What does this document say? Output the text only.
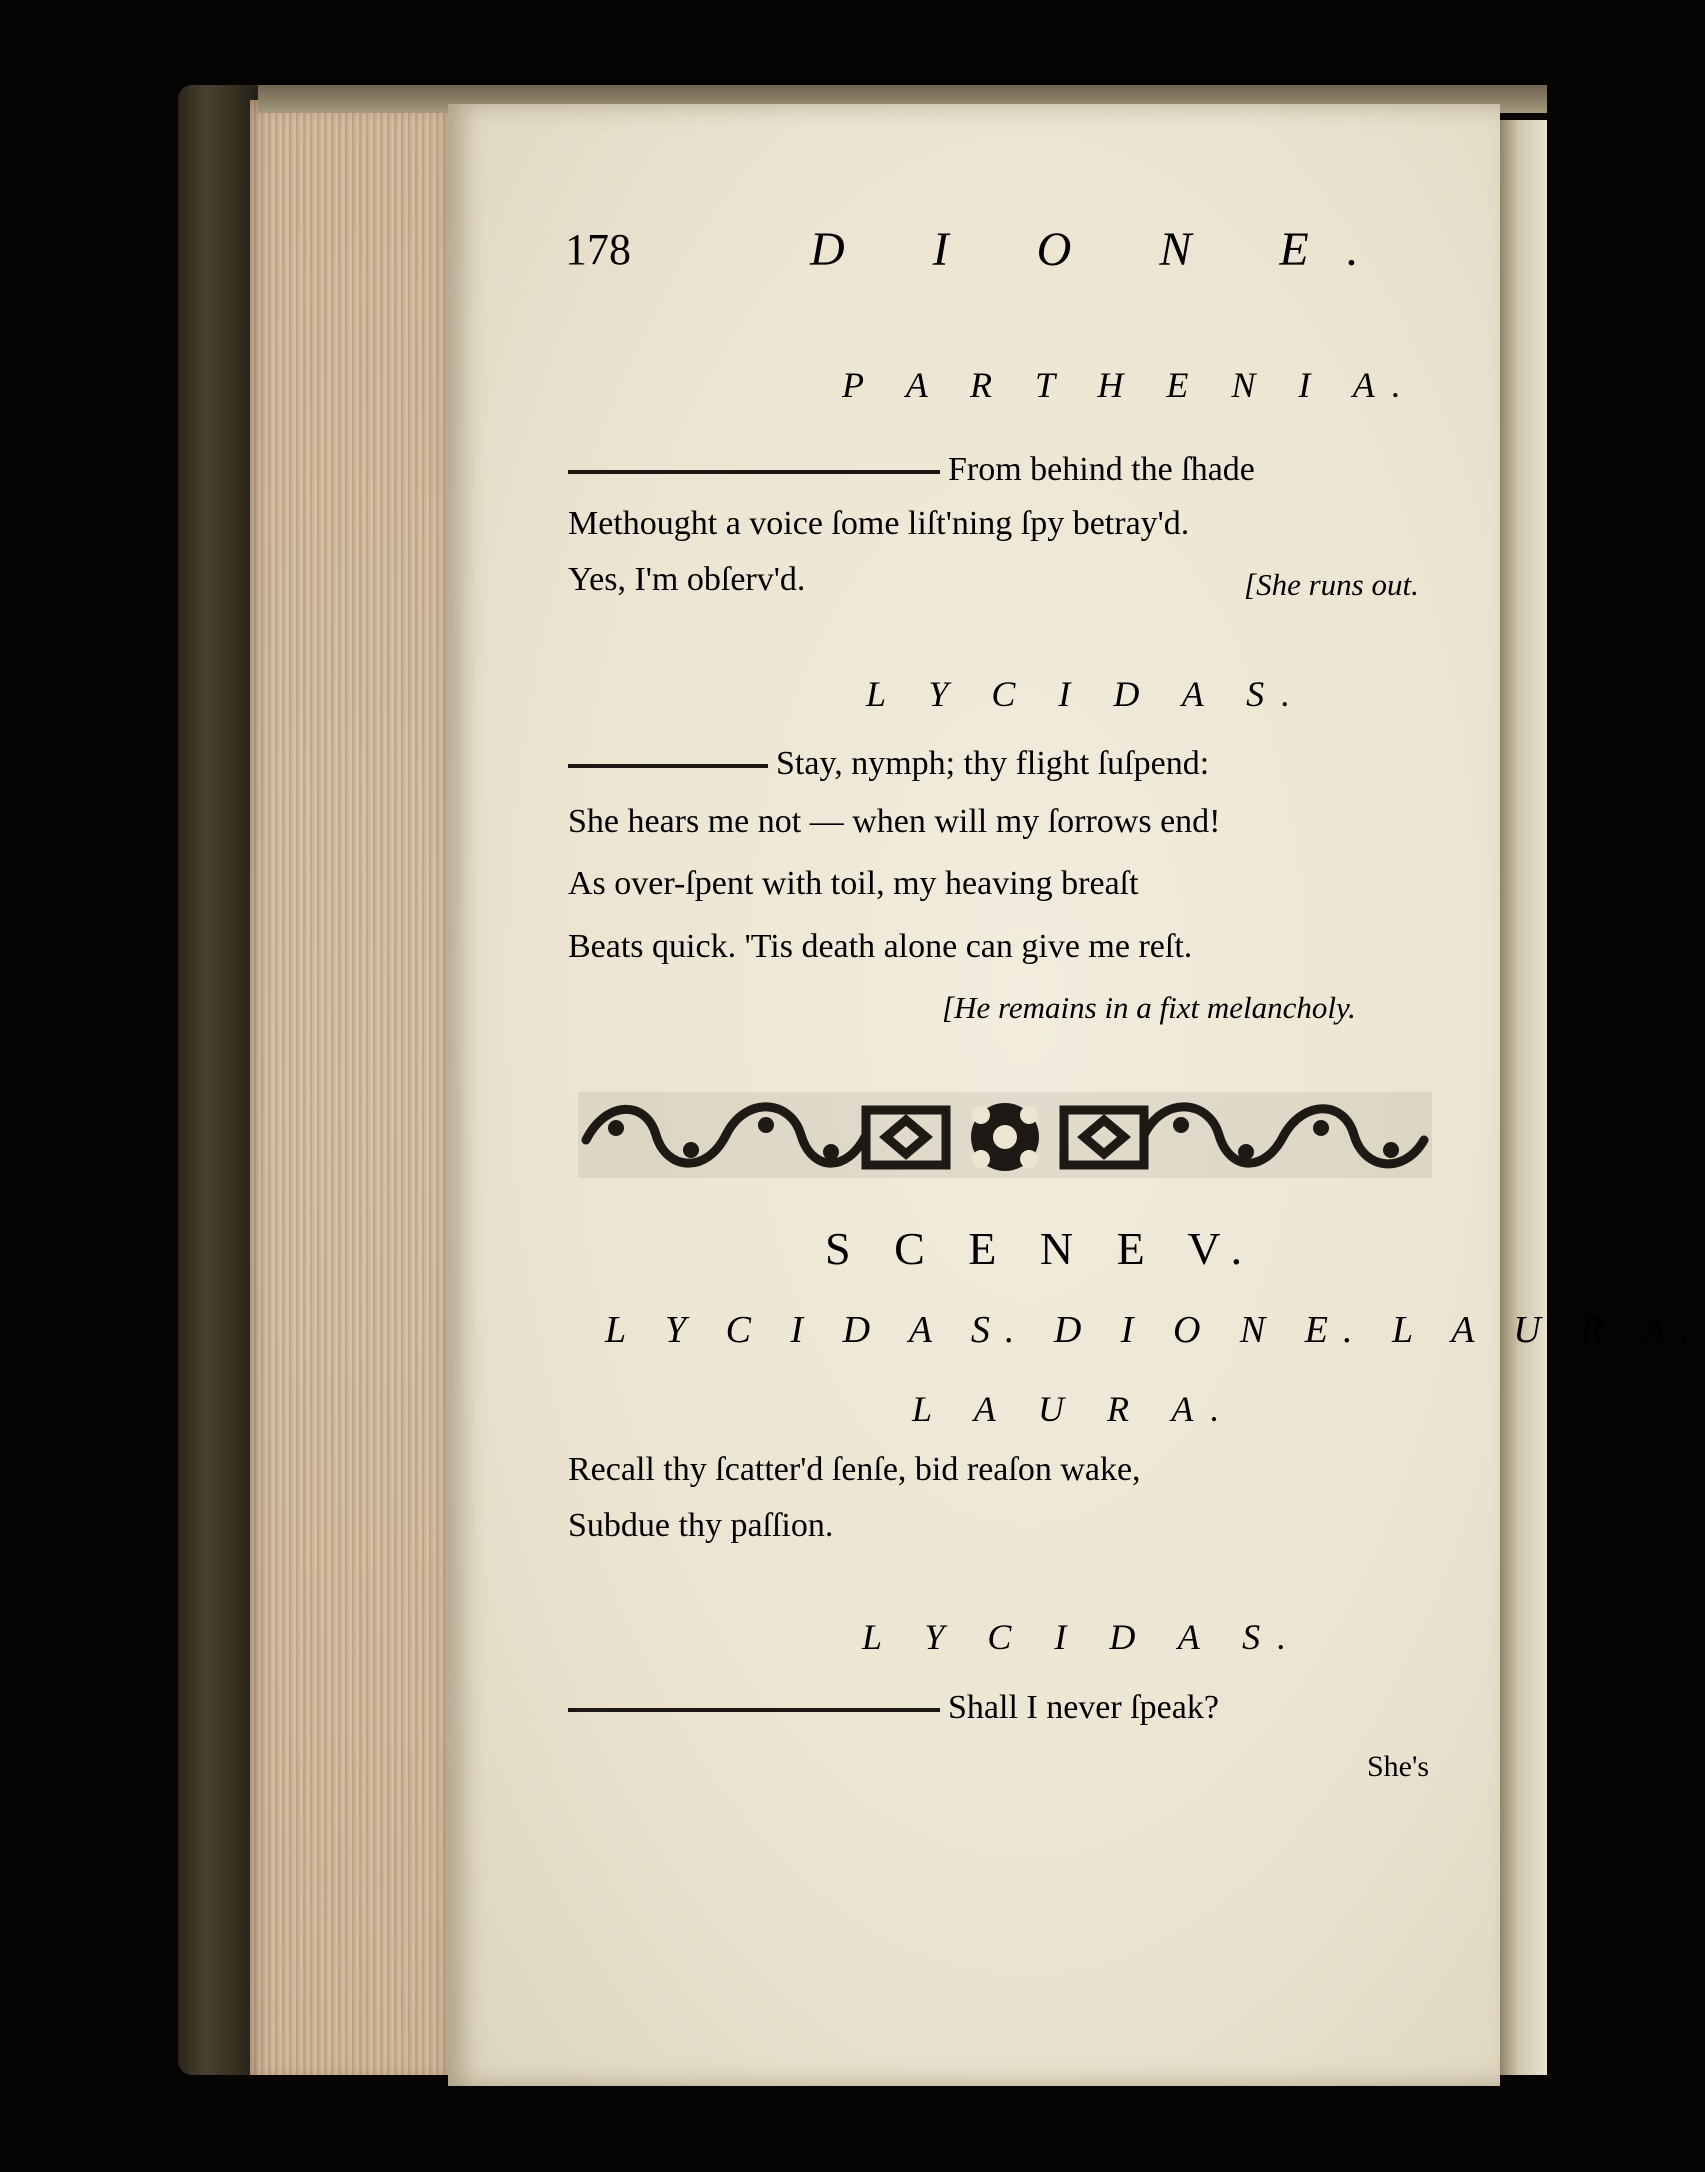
178	D I O N E.
P A R T H E N I A.
From behind the ſhade
Methought a voice ſome liſt'ning ſpy betray'd.
Yes, I'm obſerv'd.	[She runs out.
L Y C I D A S.
Stay, nymph; thy flight ſuſpend:
She hears me not — when will my ſorrows end!
As over-ſpent with toil, my heaving breaſt
Beats quick. 'Tis death alone can give me reſt.
[He remains in a fixt melancholy.
S C E N E V.
L Y C I D A S. D I O N E. L A U R A.
L A U R A.
Recall thy ſcatter'd ſenſe, bid reaſon wake,
Subdue thy paſſion.
L Y C I D A S.
Shall I never ſpeak?
She's
